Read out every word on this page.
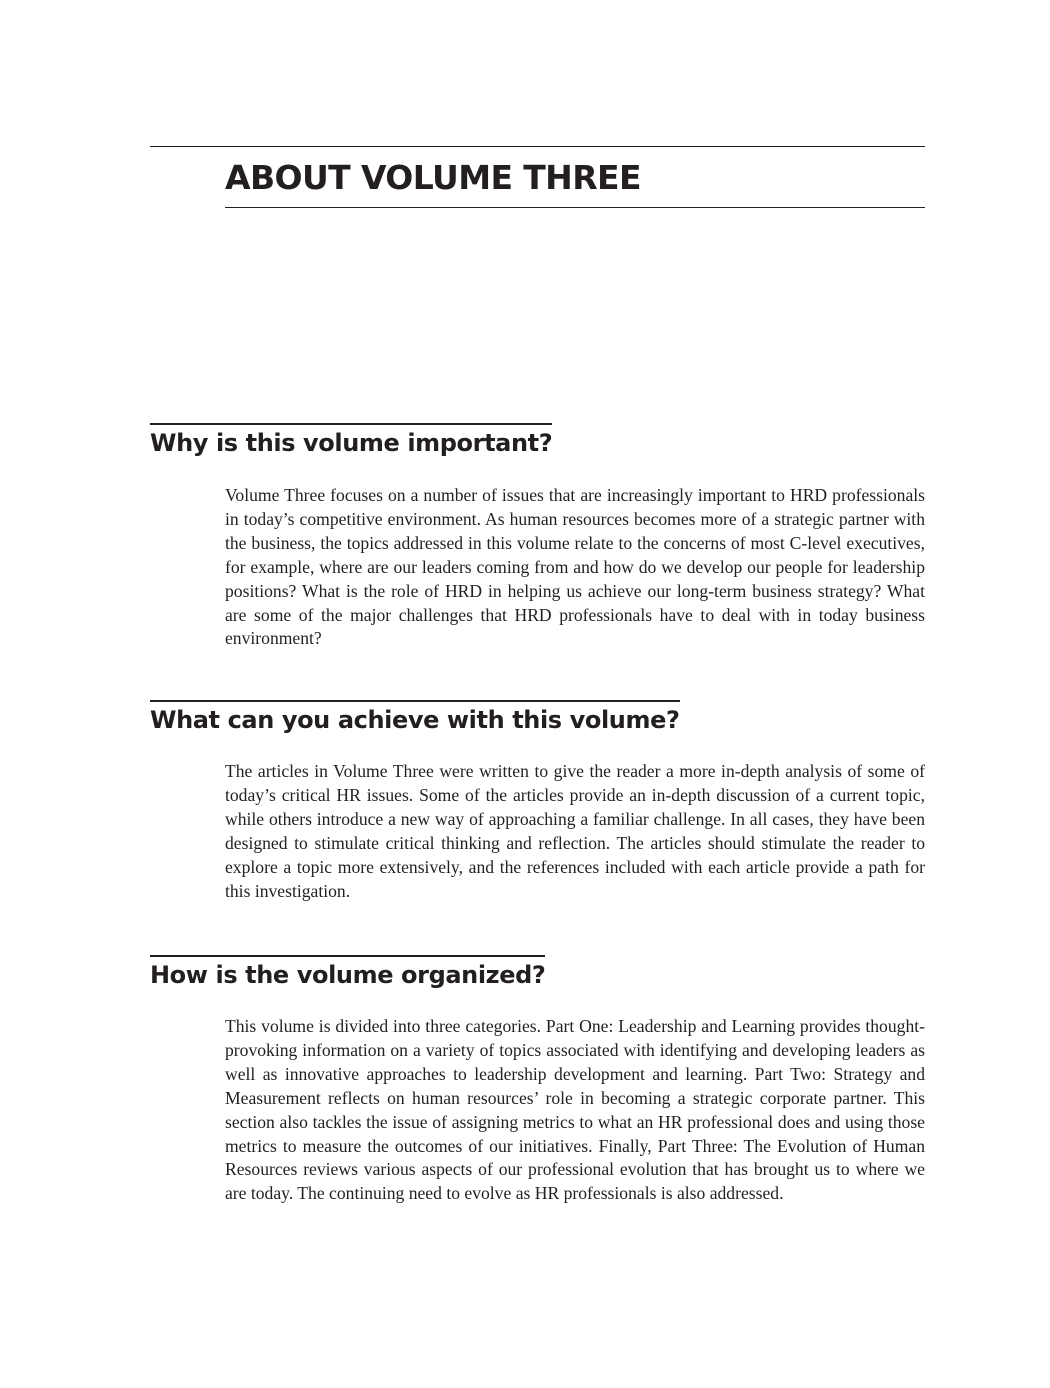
ABOUT VOLUME THREE
Why is this volume important?

Volume Three focuses on a number of issues that are increasingly important to HRD professionals in today’s competitive environment. As human resources becomes more of a strategic partner with the business, the topics addressed in this volume relate to the concerns of most C-level executives, for example, where are our leaders coming from and how do we develop our people for leadership positions? What is the role of HRD in helping us achieve our long-term business strategy? What are some of the major challenges that HRD professionals have to deal with in today business environment?

What can you achieve with this volume?

The articles in Volume Three were written to give the reader a more in-depth analysis of some of today’s critical HR issues. Some of the articles provide an in-depth discussion of a current topic, while others introduce a new way of approaching a familiar challenge. In all cases, they have been designed to stimulate critical thinking and reflection. The articles should stimulate the reader to explore a topic more extensively, and the references included with each article provide a path for this investigation.

How is the volume organized?

This volume is divided into three categories. Part One: Leadership and Learning provides thought-provoking information on a variety of topics associated with identifying and developing leaders as well as innovative approaches to leadership development and learning. Part Two: Strategy and Measurement reflects on human resources’ role in becoming a strategic corporate partner. This section also tackles the issue of assigning metrics to what an HR professional does and using those metrics to measure the outcomes of our initiatives. Finally, Part Three: The Evolution of Human Resources reviews various aspects of our professional evolution that has brought us to where we are today. The continuing need to evolve as HR professionals is also addressed.
